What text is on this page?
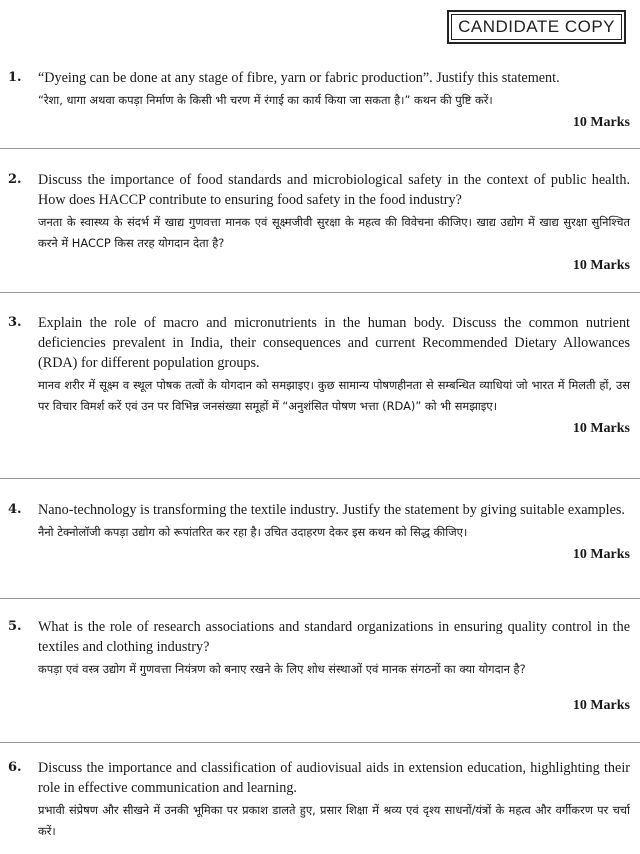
CANDIDATE COPY
1. “Dyeing can be done at any stage of fibre, yarn or fabric production”. Justify this statement.

“रेशा, धागा अथवा कपड़ा निर्माण के किसी भी चरण में रंगाई का कार्य किया जा सकता है।” कथन की पुष्टि करें।

10 Marks
2. Discuss the importance of food standards and microbiological safety in the context of public health. How does HACCP contribute to ensuring food safety in the food industry?

जनता के स्वास्थ्य के संदर्भ में खाद्य गुणवत्ता मानक एवं सूक्ष्मजीवी सुरक्षा के महत्व की विवेचना कीजिए। खाद्य उद्योग में खाद्य सुरक्षा सुनिश्चित करने में HACCP किस तरह योगदान देता है?

10 Marks
3. Explain the role of macro and micronutrients in the human body. Discuss the common nutrient deficiencies prevalent in India, their consequences and current Recommended Dietary Allowances (RDA) for different population groups.

मानव शरीर में सूक्ष्म व स्थूल पोषक तत्वों के योगदान को समझाइए। कुछ सामान्य पोषणहीनता से सम्बन्धित व्याधियां जो भारत में मिलती हों, उस पर विचार विमर्श करें एवं उन पर विभिन्न जनसंख्या समूहों में “अनुशंसित पोषण भत्ता (RDA)” को भी समझाइए।

10 Marks
4. Nano-technology is transforming the textile industry. Justify the statement by giving suitable examples.

नैनो टेक्नोलॉजी कपड़ा उद्योग को रूपांतरित कर रहा है। उचित उदाहरण देकर इस कथन को सिद्ध कीजिए।

10 Marks
5. What is the role of research associations and standard organizations in ensuring quality control in the textiles and clothing industry?

कपड़ा एवं वस्त्र उद्योग में गुणवत्ता नियंत्रण को बनाए रखने के लिए शोध संस्थाओं एवं मानक संगठनों का क्या योगदान है?

10 Marks
6. Discuss the importance and classification of audiovisual aids in extension education, highlighting their role in effective communication and learning.

प्रभावी संप्रेषण और सीखने में उनकी भूमिका पर प्रकाश डालते हुए, प्रसार शिक्षा में श्रव्य एवं दृश्य साधनों/यंत्रों के महत्व और वर्गीकरण पर चर्चा करें।
